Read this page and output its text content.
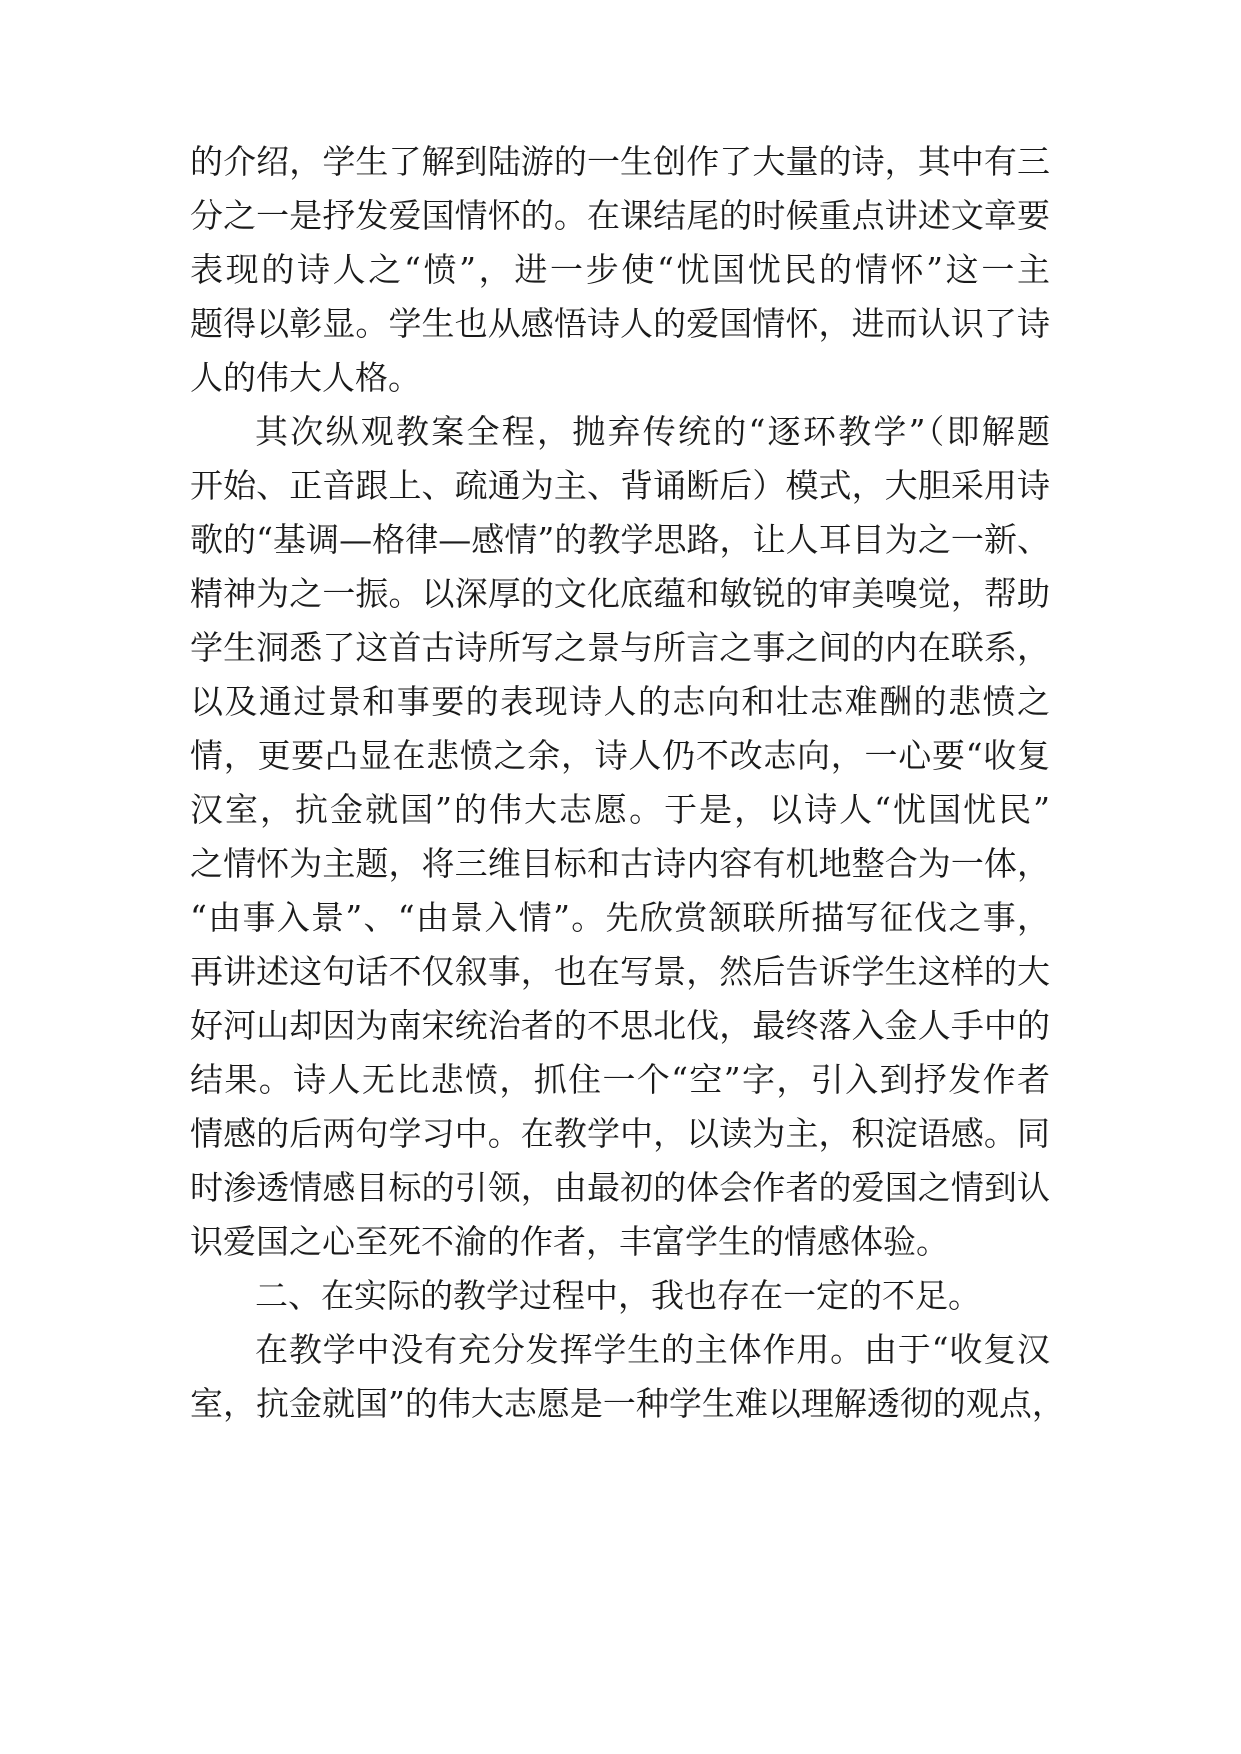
的介绍，学生了解到陆游的一生创作了大量的诗，其中有三
分之一是抒发爱国情怀的。在课结尾的时候重点讲述文章要
表现的诗人之“愤”，进一步使“忧国忧民的情怀”这一主
题得以彰显。学生也从感悟诗人的爱国情怀，进而认识了诗
人的伟大人格。
其次纵观教案全程，抛弃传统的“逐环教学”（即解题
开始、正音跟上、疏通为主、背诵断后）模式，大胆采用诗
歌的“基调—格律—感情”的教学思路，让人耳目为之一新、
精神为之一振。以深厚的文化底蕴和敏锐的审美嗅觉，帮助
学生洞悉了这首古诗所写之景与所言之事之间的内在联系，
以及通过景和事要的表现诗人的志向和壮志难酬的悲愤之
情，更要凸显在悲愤之余，诗人仍不改志向，一心要“收复
汉室，抗金就国”的伟大志愿。于是，以诗人“忧国忧民”
之情怀为主题，将三维目标和古诗内容有机地整合为一体，
“由事入景”、“由景入情”。先欣赏颔联所描写征伐之事，
再讲述这句话不仅叙事，也在写景，然后告诉学生这样的大
好河山却因为南宋统治者的不思北伐，最终落入金人手中的
结果。诗人无比悲愤，抓住一个“空”字，引入到抒发作者
情感的后两句学习中。在教学中，以读为主，积淀语感。同
时渗透情感目标的引领，由最初的体会作者的爱国之情到认
识爱国之心至死不渝的作者，丰富学生的情感体验。
二、在实际的教学过程中，我也存在一定的不足。
在教学中没有充分发挥学生的主体作用。由于“收复汉
室，抗金就国”的伟大志愿是一种学生难以理解透彻的观点，
